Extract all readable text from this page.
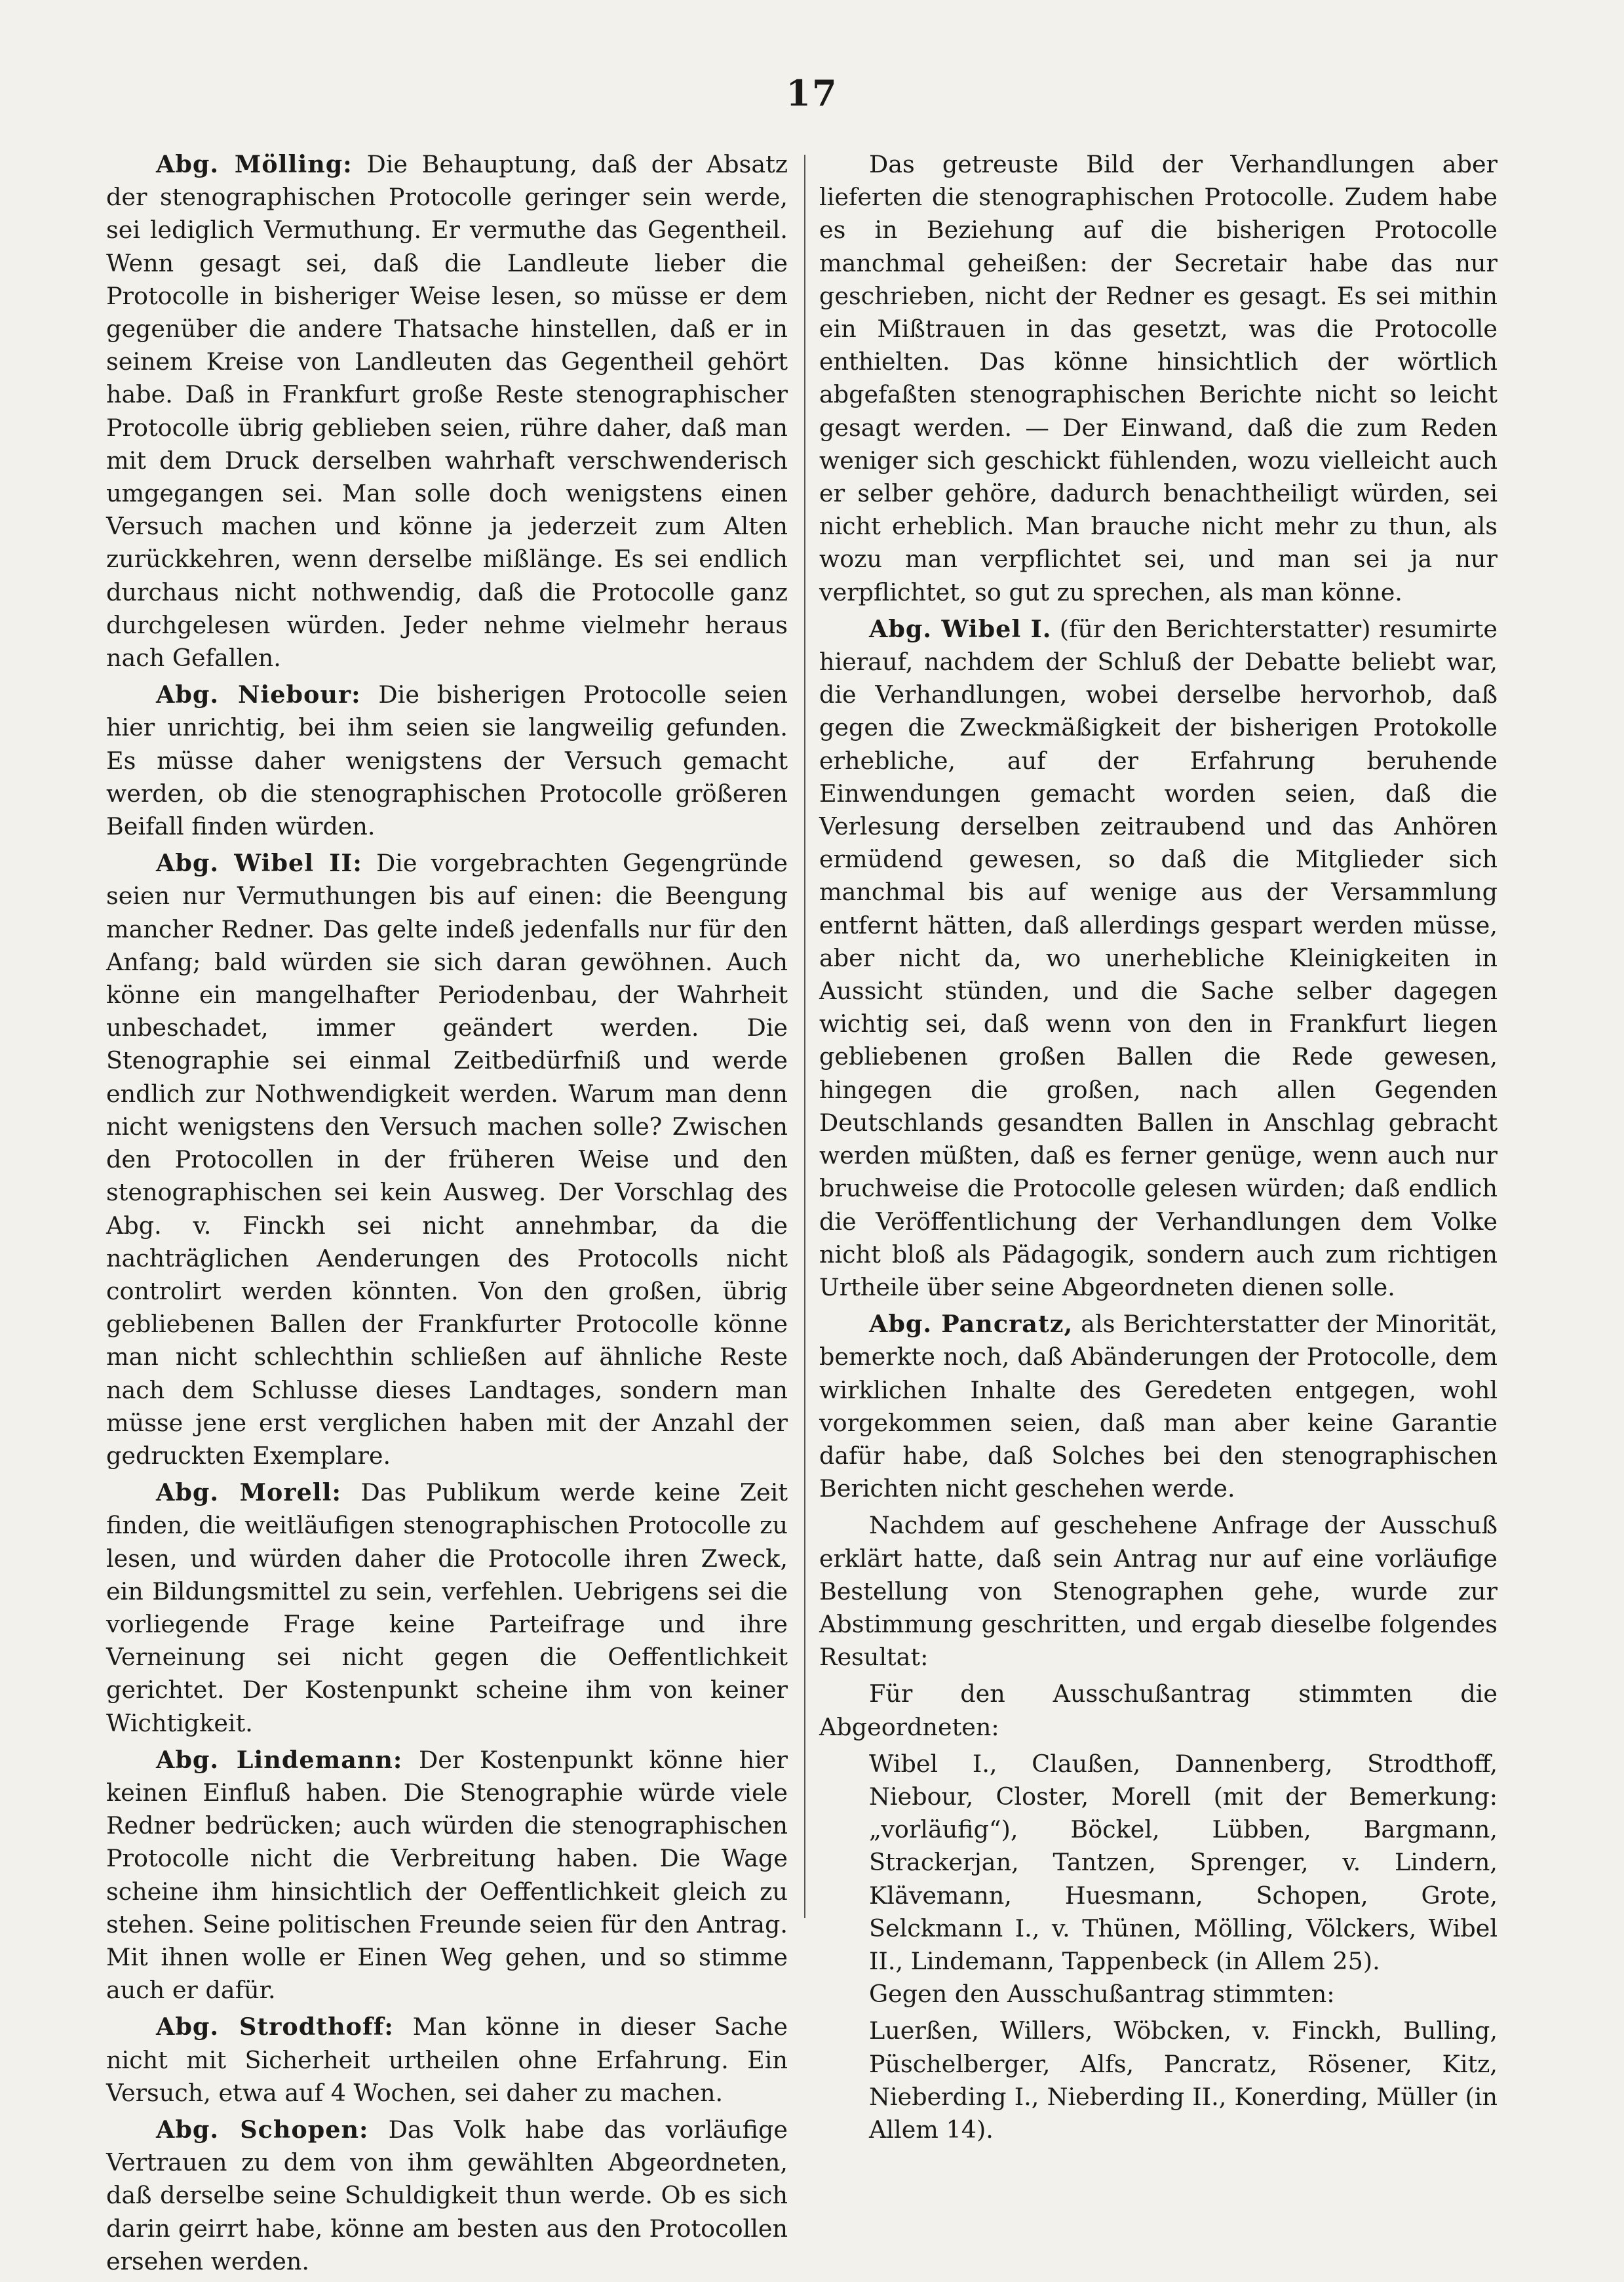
17

Abg. Mölling: Die Behauptung, daß der Absatz der stenographischen Protocolle geringer sein werde, sei lediglich Vermuthung. Er vermuthe das Gegentheil. Wenn gesagt sei, daß die Landleute lieber die Protocolle in bisheriger Weise lesen, so müsse er dem gegenüber die andere Thatsache hinstellen, daß er in seinem Kreise von Landleuten das Gegentheil gehört habe. Daß in Frankfurt große Reste stenographischer Protocolle übrig geblieben seien, rühre daher, daß man mit dem Druck derselben wahrhaft verschwenderisch umgegangen sei. Man solle doch wenigstens einen Versuch machen und könne ja jederzeit zum Alten zurückkehren, wenn derselbe mißlänge. Es sei endlich durchaus nicht nothwendig, daß die Protocolle ganz durchgelesen würden. Jeder nehme vielmehr heraus nach Gefallen.

Abg. Niebour: Die bisherigen Protocolle seien hier unrichtig, bei ihm seien sie langweilig gefunden. Es müsse daher wenigstens der Versuch gemacht werden, ob die stenographischen Protocolle größeren Beifall finden würden.

Abg. Wibel II: Die vorgebrachten Gegengründe seien nur Vermuthungen bis auf einen: die Beengung mancher Redner. Das gelte indeß jedenfalls nur für den Anfang; bald würden sie sich daran gewöhnen. Auch könne ein mangelhafter Periodenbau, der Wahrheit unbeschadet, immer geändert werden. Die Stenographie sei einmal Zeitbedürfniß und werde endlich zur Nothwendigkeit werden. Warum man denn nicht wenigstens den Versuch machen solle? Zwischen den Protocollen in der früheren Weise und den stenographischen sei kein Ausweg. Der Vorschlag des Abg. v. Finckh sei nicht annehmbar, da die nachträglichen Aenderungen des Protocolls nicht controlirt werden könnten. Von den großen, übrig gebliebenen Ballen der Frankfurter Protocolle könne man nicht schlechthin schließen auf ähnliche Reste nach dem Schlusse dieses Landtages, sondern man müsse jene erst verglichen haben mit der Anzahl der gedruckten Exemplare.

Abg. Morell: Das Publikum werde keine Zeit finden, die weitläufigen stenographischen Protocolle zu lesen, und würden daher die Protocolle ihren Zweck, ein Bildungsmittel zu sein, verfehlen. Uebrigens sei die vorliegende Frage keine Parteifrage und ihre Verneinung sei nicht gegen die Oeffentlichkeit gerichtet. Der Kostenpunkt scheine ihm von keiner Wichtigkeit.

Abg. Lindemann: Der Kostenpunkt könne hier keinen Einfluß haben. Die Stenographie würde viele Redner bedrücken; auch würden die stenographischen Protocolle nicht die Verbreitung haben. Die Wage scheine ihm hinsichtlich der Oeffentlichkeit gleich zu stehen. Seine politischen Freunde seien für den Antrag. Mit ihnen wolle er Einen Weg gehen, und so stimme auch er dafür.

Abg. Strodthoff: Man könne in dieser Sache nicht mit Sicherheit urtheilen ohne Erfahrung. Ein Versuch, etwa auf 4 Wochen, sei daher zu machen.

Abg. Schopen: Das Volk habe das vorläufige Vertrauen zu dem von ihm gewählten Abgeordneten, daß derselbe seine Schuldigkeit thun werde. Ob es sich darin geirrt habe, könne am besten aus den Protocollen ersehen werden.

Das getreuste Bild der Verhandlungen aber lieferten die stenographischen Protocolle. Zudem habe es in Beziehung auf die bisherigen Protocolle manchmal geheißen: der Secretair habe das nur geschrieben, nicht der Redner es gesagt. Es sei mithin ein Mißtrauen in das gesetzt, was die Protocolle enthielten. Das könne hinsichtlich der wörtlich abgefaßten stenographischen Berichte nicht so leicht gesagt werden. — Der Einwand, daß die zum Reden weniger sich geschickt fühlenden, wozu vielleicht auch er selber gehöre, dadurch benachtheiligt würden, sei nicht erheblich. Man brauche nicht mehr zu thun, als wozu man verpflichtet sei, und man sei ja nur verpflichtet, so gut zu sprechen, als man könne.

Abg. Wibel I. (für den Berichterstatter) resumirte hierauf, nachdem der Schluß der Debatte beliebt war, die Verhandlungen, wobei derselbe hervorhob, daß gegen die Zweckmäßigkeit der bisherigen Protokolle erhebliche, auf der Erfahrung beruhende Einwendungen gemacht worden seien, daß die Verlesung derselben zeitraubend und das Anhören ermüdend gewesen, so daß die Mitglieder sich manchmal bis auf wenige aus der Versammlung entfernt hätten, daß allerdings gespart werden müsse, aber nicht da, wo unerhebliche Kleinigkeiten in Aussicht stünden, und die Sache selber dagegen wichtig sei, daß wenn von den in Frankfurt liegen gebliebenen großen Ballen die Rede gewesen, hingegen die großen, nach allen Gegenden Deutschlands gesandten Ballen in Anschlag gebracht werden müßten, daß es ferner genüge, wenn auch nur bruchweise die Protocolle gelesen würden; daß endlich die Veröffentlichung der Verhandlungen dem Volke nicht bloß als Pädagogik, sondern auch zum richtigen Urtheile über seine Abgeordneten dienen solle.

Abg. Pancratz, als Berichterstatter der Minorität, bemerkte noch, daß Abänderungen der Protocolle, dem wirklichen Inhalte des Geredeten entgegen, wohl vorgekommen seien, daß man aber keine Garantie dafür habe, daß Solches bei den stenographischen Berichten nicht geschehen werde.

Nachdem auf geschehene Anfrage der Ausschuß erklärt hatte, daß sein Antrag nur auf eine vorläufige Bestellung von Stenographen gehe, wurde zur Abstimmung geschritten, und ergab dieselbe folgendes Resultat:

Für den Ausschußantrag stimmten die Abgeordneten:

Wibel I., Claußen, Dannenberg, Strodthoff, Niebour, Closter, Morell (mit der Bemerkung: „vorläufig“), Böckel, Lübben, Bargmann, Strackerjan, Tantzen, Sprenger, v. Lindern, Klävemann, Huesmann, Schopen, Grote, Selckmann I., v. Thünen, Mölling, Völckers, Wibel II., Lindemann, Tappenbeck (in Allem 25).

Gegen den Ausschußantrag stimmten:

Luerßen, Willers, Wöbcken, v. Finckh, Bulling, Püschelberger, Alfs, Pancratz, Rösener, Kitz, Nieberding I., Nieberding II., Konerding, Müller (in Allem 14).
